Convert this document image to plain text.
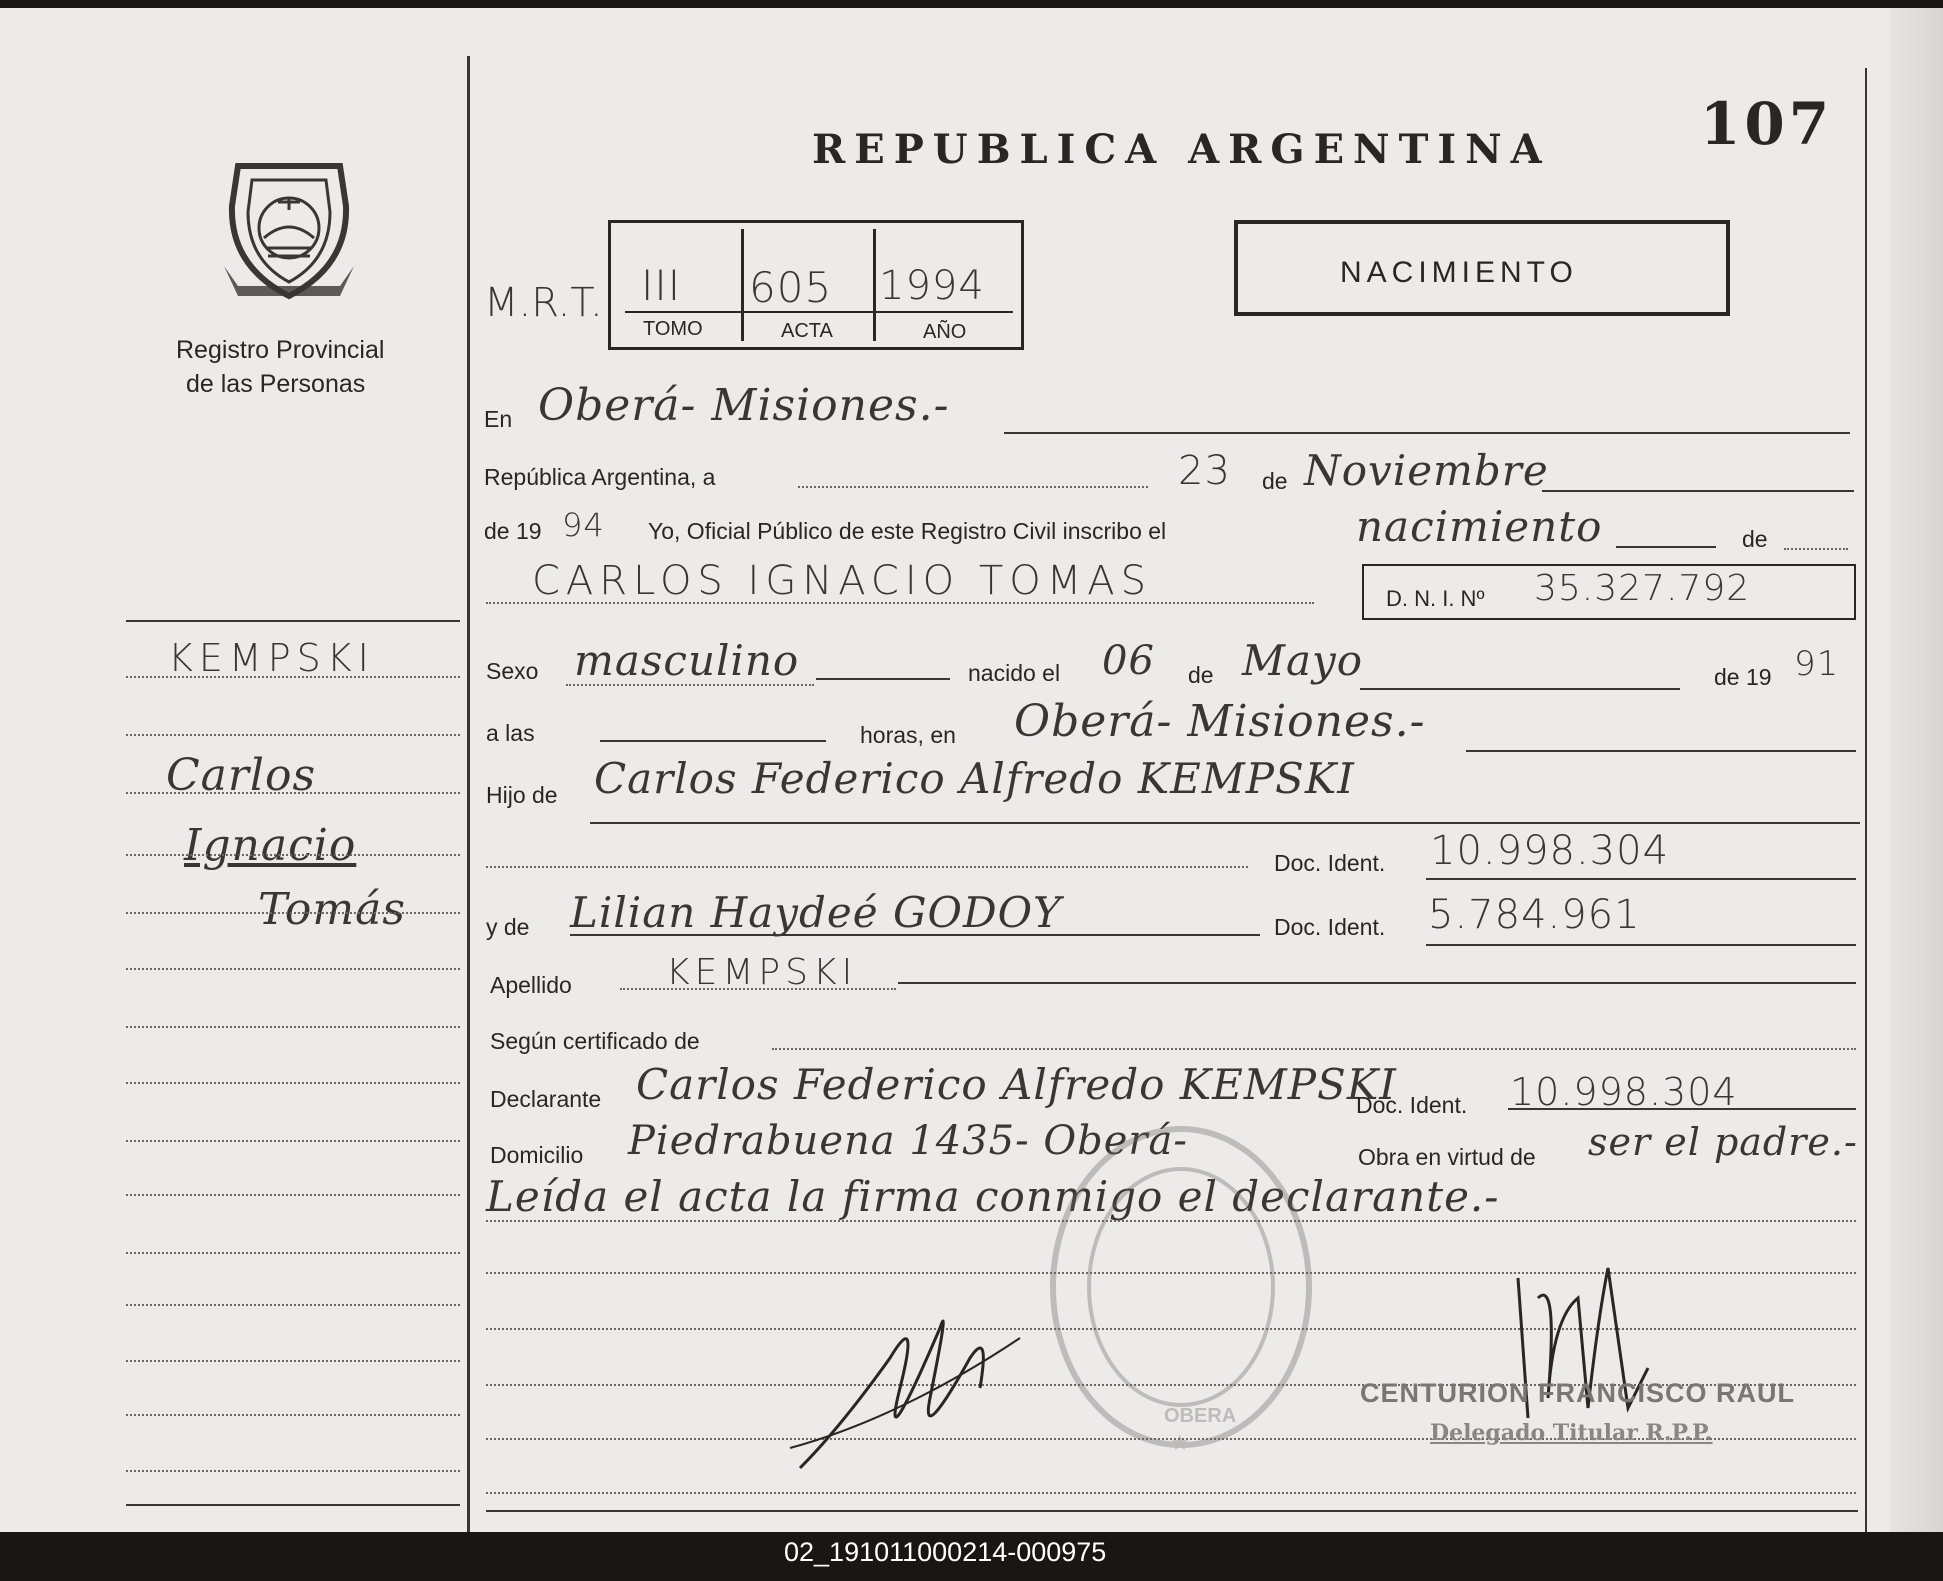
107
REPUBLICA ARGENTINA
Registro Provincial
de las Personas
M.R.T. III 605 1994
TOMO	ACTA	AÑO
NACIMIENTO
En Oberá- Misiones.-
República Argentina, a	23 de Noviembre
de 19 94 Yo, Oficial Público de este Registro Civil inscribo el	nacimiento	de
CARLOS IGNACIO TOMAS	D. N. I. Nº 35.327.792
Sexo masculino	nacido el 06 de Mayo	de 19 91
a las	horas, en Oberá- Misiones.-
Hijo de Carlos Federico Alfredo KEMPSKI
Doc. Ident. 10.998.304
y de Lilian Haydeé GODOY	Doc. Ident. 5.784.961
Apellido	KEMPSKI
Según certificado de
Declarante Carlos Federico Alfredo KEMPSKI
Doc. Ident. 10.998.304
Domicilio Piedrabuena 1435- Oberá-	Obra en virtud de ser el padre.-
Leída el acta la firma conmigo el declarante.-
KEMPSKI
Carlos
Ignacio
Tomás
OBERA
★
CENTURION FRANCISCO RAUL
Delegado Titular R.P.P.
02_191011000214-000975
